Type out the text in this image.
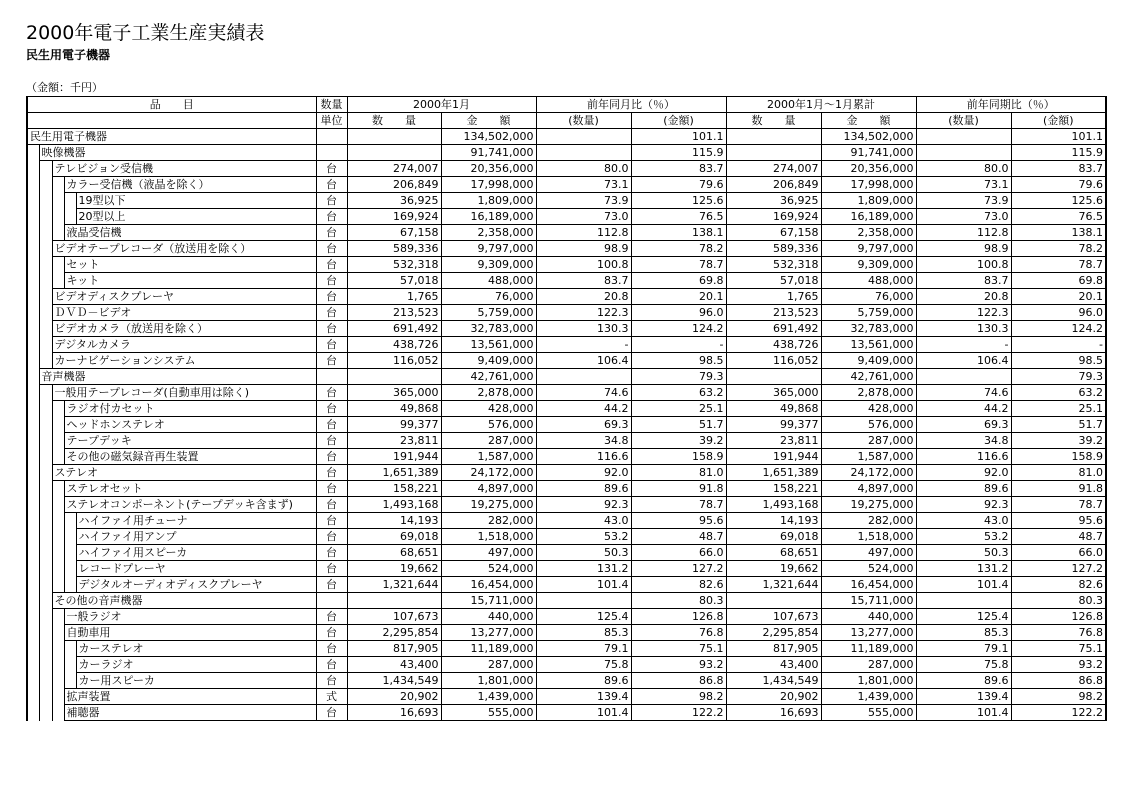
2000年電子工業生産実績表
民生用電子機器
（金額：千円）
品　　目					数量	2000年1月		前年同月比（％）		2000年1月～1月累計		前年同期比（％）	
					単位	数　　量	金　　額	(数量)	(金額)	数　　量	金　　額	(数量)	(金額)
民生用電子機器							134,502,000		101.1		134,502,000		101.1
	映像機器						91,741,000		115.9		91,741,000		115.9
		テレビジョン受信機			台	274,007	20,356,000	80.0	83.7	274,007	20,356,000	80.0	83.7
			カラー受信機（液晶を除く）		台	206,849	17,998,000	73.1	79.6	206,849	17,998,000	73.1	79.6
				19型以下	台	36,925	1,809,000	73.9	125.6	36,925	1,809,000	73.9	125.6
				20型以上	台	169,924	16,189,000	73.0	76.5	169,924	16,189,000	73.0	76.5
			液晶受信機		台	67,158	2,358,000	112.8	138.1	67,158	2,358,000	112.8	138.1
		ビデオテープレコーダ（放送用を除く）			台	589,336	9,797,000	98.9	78.2	589,336	9,797,000	98.9	78.2
			セット		台	532,318	9,309,000	100.8	78.7	532,318	9,309,000	100.8	78.7
			キット		台	57,018	488,000	83.7	69.8	57,018	488,000	83.7	69.8
		ビデオディスクプレーヤ			台	1,765	76,000	20.8	20.1	1,765	76,000	20.8	20.1
		ＤＶＤ－ビデオ			台	213,523	5,759,000	122.3	96.0	213,523	5,759,000	122.3	96.0
		ビデオカメラ（放送用を除く）			台	691,492	32,783,000	130.3	124.2	691,492	32,783,000	130.3	124.2
		デジタルカメラ			台	438,726	13,561,000	-	-	438,726	13,561,000	-	-
		カーナビゲーションシステム			台	116,052	9,409,000	106.4	98.5	116,052	9,409,000	106.4	98.5
	音声機器						42,761,000		79.3		42,761,000		79.3
		一般用テープレコーダ(自動車用は除く)			台	365,000	2,878,000	74.6	63.2	365,000	2,878,000	74.6	63.2
			ラジオ付カセット		台	49,868	428,000	44.2	25.1	49,868	428,000	44.2	25.1
			ヘッドホンステレオ		台	99,377	576,000	69.3	51.7	99,377	576,000	69.3	51.7
			テープデッキ		台	23,811	287,000	34.8	39.2	23,811	287,000	34.8	39.2
			その他の磁気録音再生装置		台	191,944	1,587,000	116.6	158.9	191,944	1,587,000	116.6	158.9
		ステレオ			台	1,651,389	24,172,000	92.0	81.0	1,651,389	24,172,000	92.0	81.0
			ステレオセット		台	158,221	4,897,000	89.6	91.8	158,221	4,897,000	89.6	91.8
			ステレオコンポーネント(テープデッキ含まず)		台	1,493,168	19,275,000	92.3	78.7	1,493,168	19,275,000	92.3	78.7
				ハイファイ用チューナ	台	14,193	282,000	43.0	95.6	14,193	282,000	43.0	95.6
				ハイファイ用アンプ	台	69,018	1,518,000	53.2	48.7	69,018	1,518,000	53.2	48.7
				ハイファイ用スピーカ	台	68,651	497,000	50.3	66.0	68,651	497,000	50.3	66.0
				レコードプレーヤ	台	19,662	524,000	131.2	127.2	19,662	524,000	131.2	127.2
				デジタルオーディオディスクプレーヤ	台	1,321,644	16,454,000	101.4	82.6	1,321,644	16,454,000	101.4	82.6
		その他の音声機器					15,711,000		80.3		15,711,000		80.3
			一般ラジオ		台	107,673	440,000	125.4	126.8	107,673	440,000	125.4	126.8
			自動車用		台	2,295,854	13,277,000	85.3	76.8	2,295,854	13,277,000	85.3	76.8
				カーステレオ	台	817,905	11,189,000	79.1	75.1	817,905	11,189,000	79.1	75.1
				カーラジオ	台	43,400	287,000	75.8	93.2	43,400	287,000	75.8	93.2
				カー用スピーカ	台	1,434,549	1,801,000	89.6	86.8	1,434,549	1,801,000	89.6	86.8
			拡声装置		式	20,902	1,439,000	139.4	98.2	20,902	1,439,000	139.4	98.2
			補聴器		台	16,693	555,000	101.4	122.2	16,693	555,000	101.4	122.2
